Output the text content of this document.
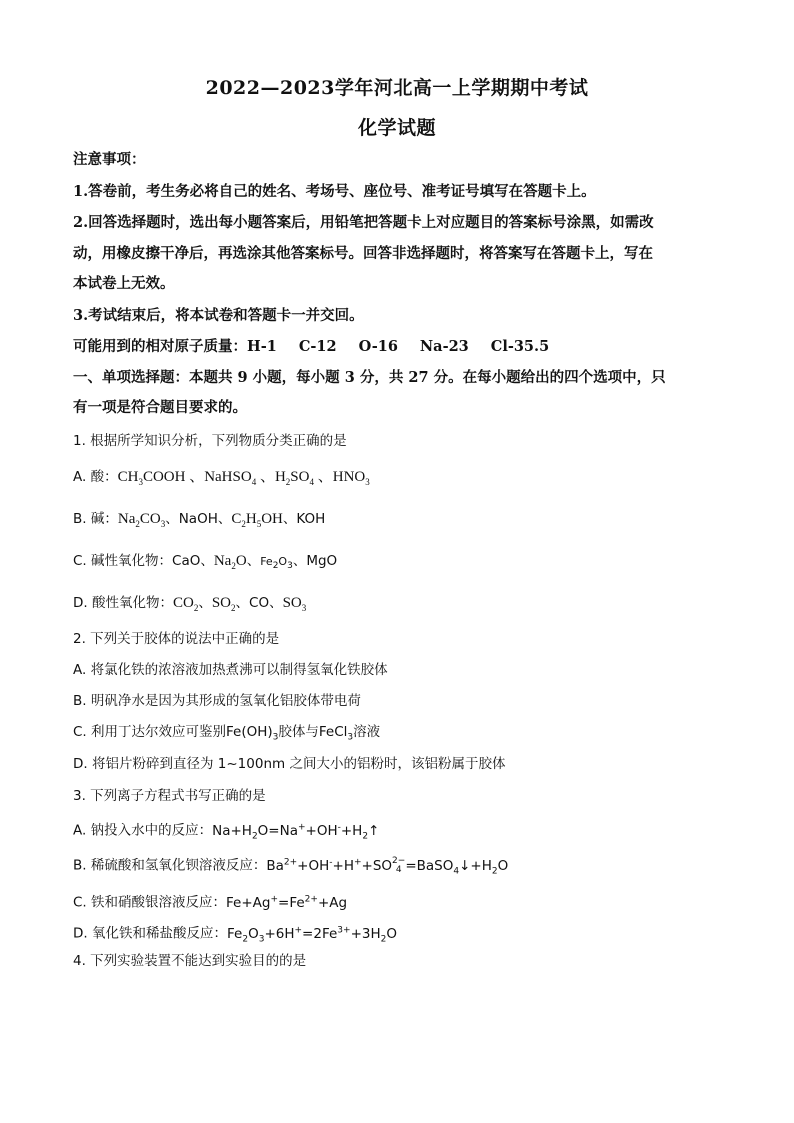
2022—2023学年河北高一上学期期中考试
化学试题
注意事项：
1.答卷前，考生务必将自己的姓名、考场号、座位号、准考证号填写在答题卡上。
2.回答选择题时，选出每小题答案后，用铅笔把答题卡上对应题目的答案标号涂黑，如需改
动，用橡皮擦干净后，再选涂其他答案标号。回答非选择题时，将答案写在答题卡上，写在
本试卷上无效。
3.考试结束后，将本试卷和答题卡一并交回。
可能用到的相对原子质量：H-1 C-12 O-16 Na-23 Cl-35.5
一、单项选择题：本题共 9 小题，每小题 3 分，共 27 分。在每小题给出的四个选项中，只
有一项是符合题目要求的。
1. 根据所学知识分析，下列物质分类正确的是
A. 酸：$CH_3COOH$ 、NaHSO$_4$ 、$H_2SO_4$ 、$HNO_3$
B. 碱：$Na_2CO_3$、NaOH、$C_2H_5OH$、KOH
C. 碱性氧化物：CaO、$Na_2O$、$Fe_2O_3$、MgO
D. 酸性氧化物：$CO_2$、$SO_2$、CO、$SO_3$
2. 下列关于胶体的说法中正确的是
A. 将氯化铁的浓溶液加热煮沸可以制得氢氧化铁胶体
B. 明矾净水是因为其形成的氢氧化铝胶体带电荷
C. 利用丁达尔效应可鉴别$Fe(OH)_3$胶体与FeCl$_3$溶液
D. 将铝片粉碎到直径为 1~100nm 之间大小的铝粉时，该铝粉属于胶体
3. 下列离子方程式书写正确的是
A. 钠投入水中的反应：$Na+H_2O=Na^++OH^-+H_2↑$
B. 稀硫酸和氢氧化钡溶液反应：$Ba^{2+}+OH^-+H^++SO$ 2−
$4 =BaSO_4↓+H_2O$
C. 铁和硝酸银溶液反应：$Fe+Ag^+=Fe^{2+}+Ag$
D. 氧化铁和稀盐酸反应：$Fe_2O_3+6H^+=2Fe^{3+}+3H_2O$
4. 下列实验装置不能达到实验目的的是
